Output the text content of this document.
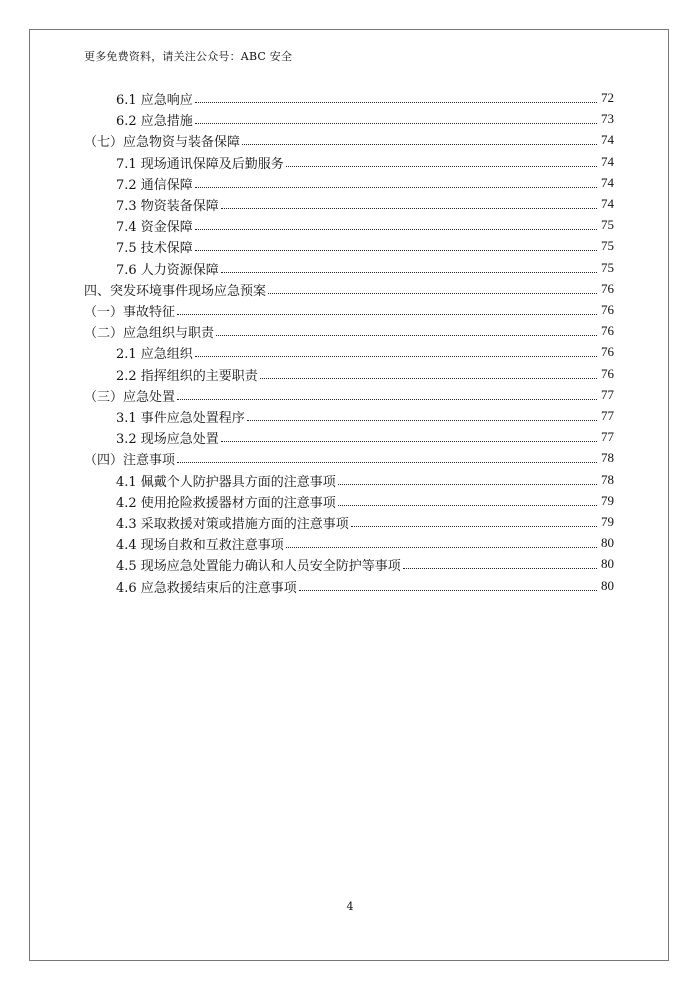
更多免费资料，请关注公众号：ABC 安全
6.1 应急响应	72
6.2 应急措施	73
（七）应急物资与装备保障	74
7.1 现场通讯保障及后勤服务	74
7.2 通信保障	74
7.3 物资装备保障	74
7.4 资金保障	75
7.5 技术保障	75
7.6 人力资源保障	75
四、突发环境事件现场应急预案	76
（一）事故特征	76
（二）应急组织与职责	76
2.1 应急组织	76
2.2 指挥组织的主要职责	76
（三）应急处置	77
3.1 事件应急处置程序	77
3.2 现场应急处置	77
（四）注意事项	78
4.1 佩戴个人防护器具方面的注意事项	78
4.2 使用抢险救援器材方面的注意事项	79
4.3 采取救援对策或措施方面的注意事项	79
4.4 现场自救和互救注意事项	80
4.5 现场应急处置能力确认和人员安全防护等事项	80
4.6 应急救援结束后的注意事项	80
4
